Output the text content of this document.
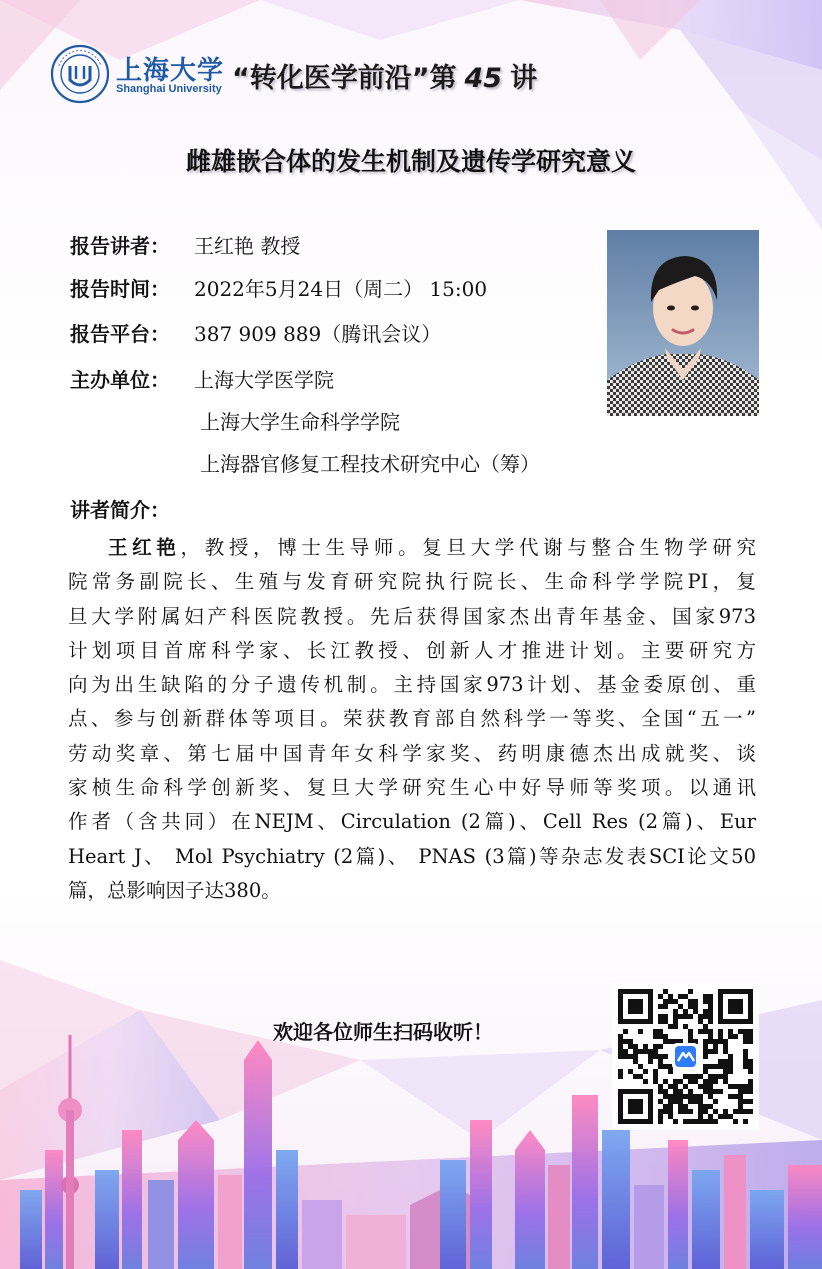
上海大学
Shanghai University “转化医学前沿”第 45 讲
雌雄嵌合体的发生机制及遗传学研究意义
报告讲者：	王红艳 教授
报告时间：	2022年5月24日（周二） 15:00
报告平台：	387 909 889（腾讯会议）
主办单位：	上海大学医学院
上海大学生命科学学院
上海器官修复工程技术研究中心（筹）
讲者简介：
王红艳，教授，博士生导师。复旦大学代谢与整合生物学研究
院常务副院长、生殖与发育研究院执行院长、生命科学学院PI，复
旦大学附属妇产科医院教授。先后获得国家杰出青年基金、国家973
计划项目首席科学家、长江教授、创新人才推进计划。主要研究方
向为出生缺陷的分子遗传机制。主持国家973计划、基金委原创、重
点、参与创新群体等项目。荣获教育部自然科学一等奖、全国“五一”
劳动奖章、第七届中国青年女科学家奖、药明康德杰出成就奖、谈
家桢生命科学创新奖、复旦大学研究生心中好导师等奖项。以通讯
作者（含共同）在NEJM、Circulation (2篇)、Cell Res (2篇)、Eur
Heart J、 Mol Psychiatry (2篇)、 PNAS (3篇)等杂志发表SCI论文50
篇，总影响因子达380。
欢迎各位师生扫码收听！
